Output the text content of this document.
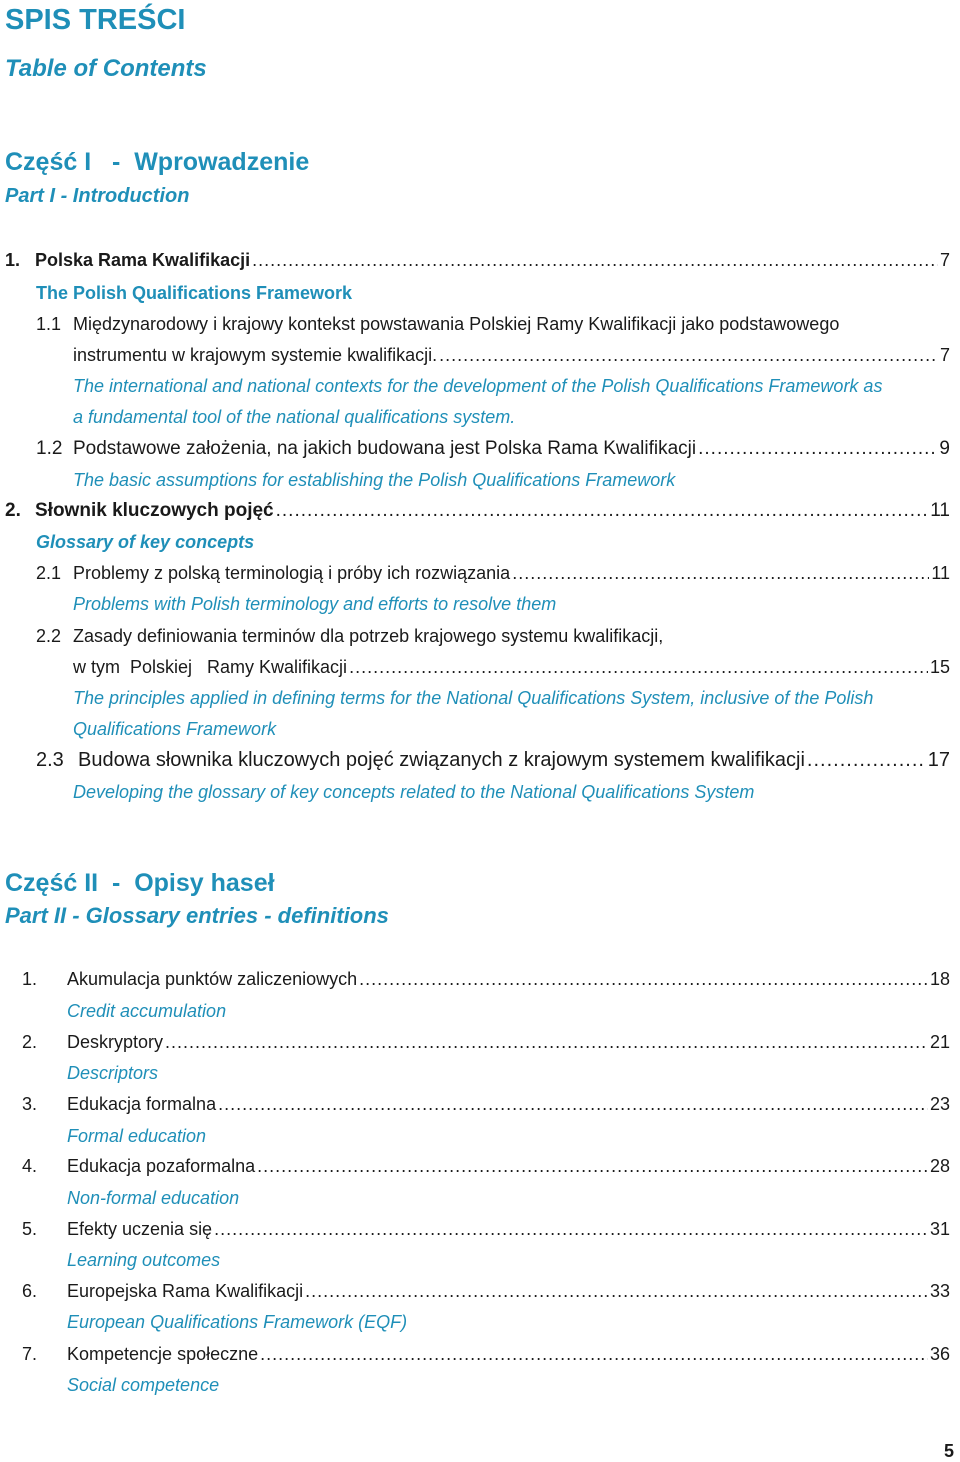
SPIS TREŚCI
Table of Contents
Część I   -  Wprowadzenie
Part I - Introduction
1. Polska Rama Kwalifikacji .....	7
The Polish Qualifications Framework
1.1 Międzynarodowy i krajowy kontekst powstawania Polskiej Ramy Kwalifikacji jako podstawowego
instrumentu w krajowym systemie kwalifikacji. .....	7
The international and national contexts for the development of the Polish Qualifications Framework as
a fundamental tool of the national qualifications system.
1.2 Podstawowe założenia, na jakich budowana jest Polska Rama Kwalifikacji .....	9
The basic assumptions for establishing the Polish Qualifications Framework
2. Słownik kluczowych pojęć .....	11
Glossary of key concepts
2.1 Problemy z polską terminologią i próby ich rozwiązania .....	11
Problems with Polish terminology and efforts to resolve them
2.2 Zasady definiowania terminów dla potrzeb krajowego systemu kwalifikacji,
w tym  Polskiej   Ramy Kwalifikacji .....	15
The principles applied in defining terms for the National Qualifications System, inclusive of the Polish
Qualifications Framework
2.3 Budowa słownika kluczowych pojęć związanych z krajowym systemem kwalifikacji .....	17
Developing the glossary of key concepts related to the National Qualifications System
Część II  -  Opisy haseł
Part II - Glossary entries - definitions
1.	Akumulacja punktów zaliczeniowych .....	18
Credit accumulation
2.	Deskryptory .....	21
Descriptors
3.	Edukacja formalna .....	23
Formal education
4.	Edukacja pozaformalna .....	28
Non-formal education
5.	Efekty uczenia się .....	31
Learning outcomes
6.	Europejska Rama Kwalifikacji .....	33
European Qualifications Framework (EQF)
7.	Kompetencje społeczne .....	36
Social competence
5
